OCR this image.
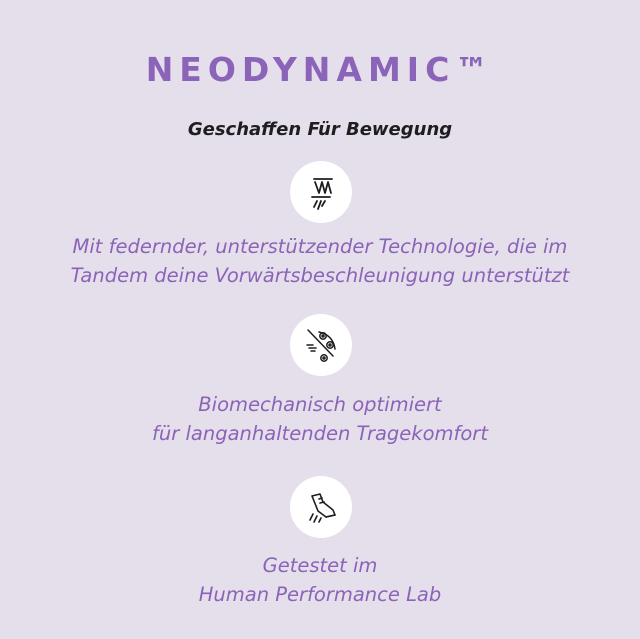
NEODYNAMIC™
Geschaffen Für Bewegung
Mit federnder, unterstützender Technologie, die im
Tandem deine Vorwärtsbeschleunigung unterstützt
Biomechanisch optimiert
für langanhaltenden Tragekomfort
Getestet im
Human Performance Lab
